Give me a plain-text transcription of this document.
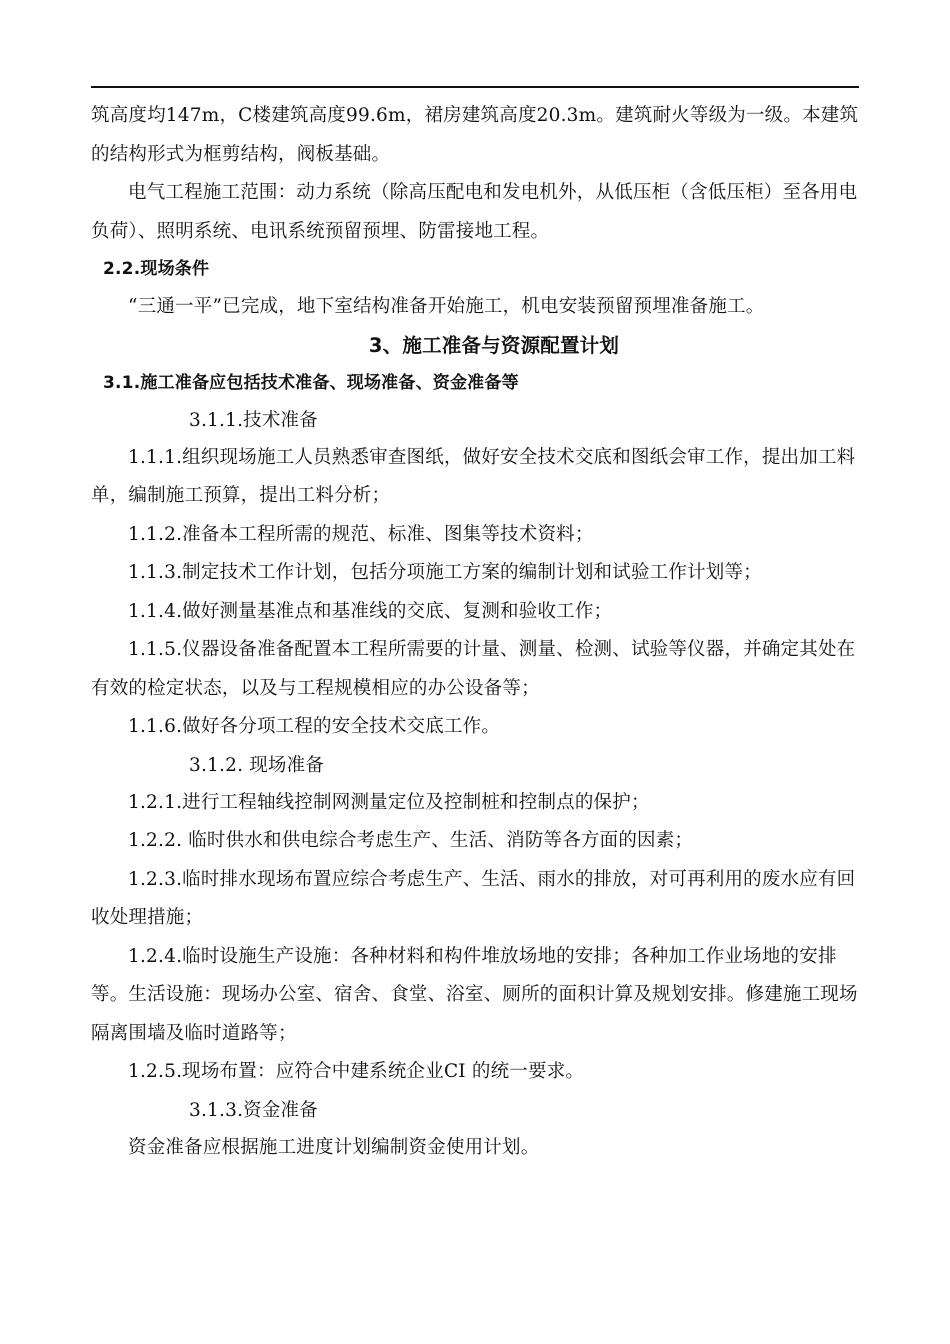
筑高度均147m，C楼建筑高度99.6m，裙房建筑高度20.3m。建筑耐火等级为一级。本建筑的结构形式为框剪结构，阀板基础。

电气工程施工范围：动力系统（除高压配电和发电机外，从低压柜（含低压柜）至各用电负荷）、照明系统、电讯系统预留预埋、防雷接地工程。

2.2.现场条件

“三通一平”已完成，地下室结构准备开始施工，机电安装预留预埋准备施工。

3、施工准备与资源配置计划

3.1.施工准备应包括技术准备、现场准备、资金准备等

3.1.1.技术准备

1.1.1.组织现场施工人员熟悉审查图纸，做好安全技术交底和图纸会审工作，提出加工料单，编制施工预算，提出工料分析；

1.1.2.准备本工程所需的规范、标准、图集等技术资料；

1.1.3.制定技术工作计划，包括分项施工方案的编制计划和试验工作计划等；

1.1.4.做好测量基准点和基准线的交底、复测和验收工作；

1.1.5.仪器设备准备配置本工程所需要的计量、测量、检测、试验等仪器，并确定其处在有效的检定状态，以及与工程规模相应的办公设备等；

1.1.6.做好各分项工程的安全技术交底工作。

3.1.2. 现场准备

1.2.1.进行工程轴线控制网测量定位及控制桩和控制点的保护；

1.2.2. 临时供水和供电综合考虑生产、生活、消防等各方面的因素；

1.2.3.临时排水现场布置应综合考虑生产、生活、雨水的排放，对可再利用的废水应有回收处理措施；

1.2.4.临时设施生产设施：各种材料和构件堆放场地的安排；各种加工作业场地的安排等。生活设施：现场办公室、宿舍、食堂、浴室、厕所的面积计算及规划安排。修建施工现场隔离围墙及临时道路等；

1.2.5.现场布置：应符合中建系统企业CI 的统一要求。

3.1.3.资金准备

资金准备应根据施工进度计划编制资金使用计划。
